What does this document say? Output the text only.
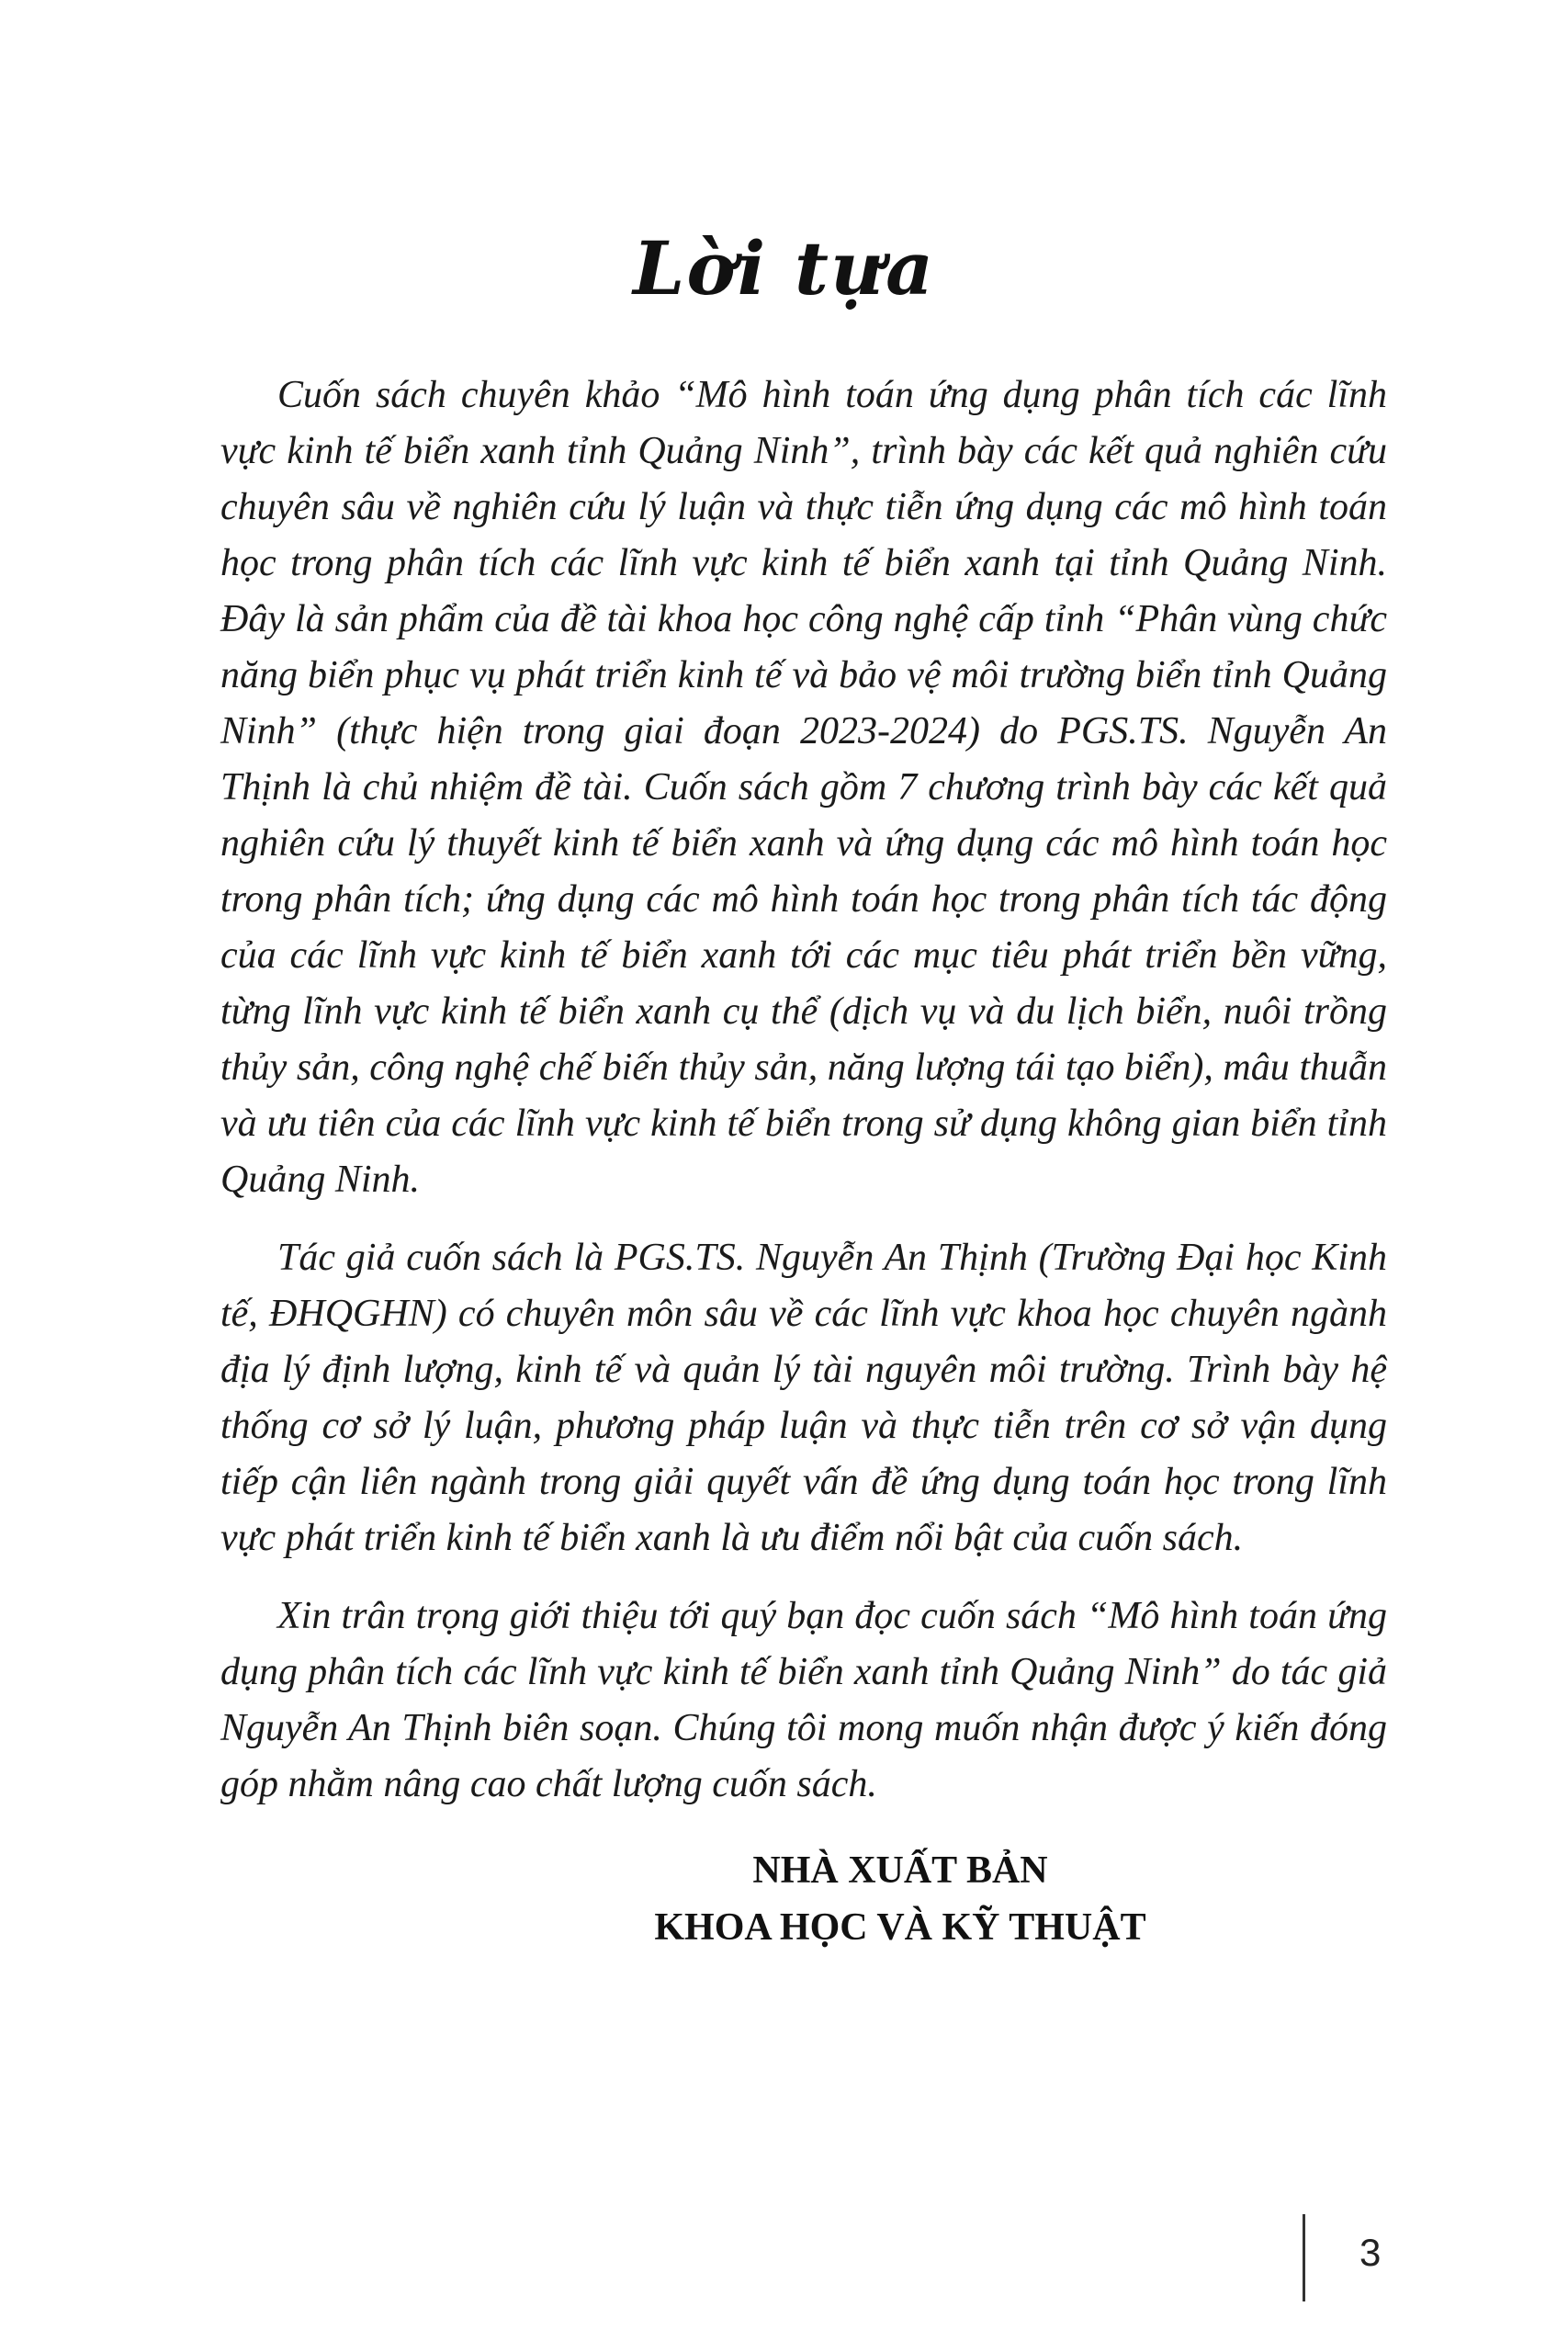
Lời tựa

Cuốn sách chuyên khảo “Mô hình toán ứng dụng phân tích các lĩnh vực kinh tế biển xanh tỉnh Quảng Ninh”, trình bày các kết quả nghiên cứu chuyên sâu về nghiên cứu lý luận và thực tiễn ứng dụng các mô hình toán học trong phân tích các lĩnh vực kinh tế biển xanh tại tỉnh Quảng Ninh. Đây là sản phẩm của đề tài khoa học công nghệ cấp tỉnh “Phân vùng chức năng biển phục vụ phát triển kinh tế và bảo vệ môi trường biển tỉnh Quảng Ninh” (thực hiện trong giai đoạn 2023-2024) do PGS.TS. Nguyễn An Thịnh là chủ nhiệm đề tài. Cuốn sách gồm 7 chương trình bày các kết quả nghiên cứu lý thuyết kinh tế biển xanh và ứng dụng các mô hình toán học trong phân tích; ứng dụng các mô hình toán học trong phân tích tác động của các lĩnh vực kinh tế biển xanh tới các mục tiêu phát triển bền vững, từng lĩnh vực kinh tế biển xanh cụ thể (dịch vụ và du lịch biển, nuôi trồng thủy sản, công nghệ chế biến thủy sản, năng lượng tái tạo biển), mâu thuẫn và ưu tiên của các lĩnh vực kinh tế biển trong sử dụng không gian biển tỉnh Quảng Ninh.

Tác giả cuốn sách là PGS.TS. Nguyễn An Thịnh (Trường Đại học Kinh tế, ĐHQGHN) có chuyên môn sâu về các lĩnh vực khoa học chuyên ngành địa lý định lượng, kinh tế và quản lý tài nguyên môi trường. Trình bày hệ thống cơ sở lý luận, phương pháp luận và thực tiễn trên cơ sở vận dụng tiếp cận liên ngành trong giải quyết vấn đề ứng dụng toán học trong lĩnh vực phát triển kinh tế biển xanh là ưu điểm nổi bật của cuốn sách.

Xin trân trọng giới thiệu tới quý bạn đọc cuốn sách “Mô hình toán ứng dụng phân tích các lĩnh vực kinh tế biển xanh tỉnh Quảng Ninh” do tác giả Nguyễn An Thịnh biên soạn. Chúng tôi mong muốn nhận được ý kiến đóng góp nhằm nâng cao chất lượng cuốn sách.

NHÀ XUẤT BẢN
KHOA HỌC VÀ KỸ THUẬT
3
